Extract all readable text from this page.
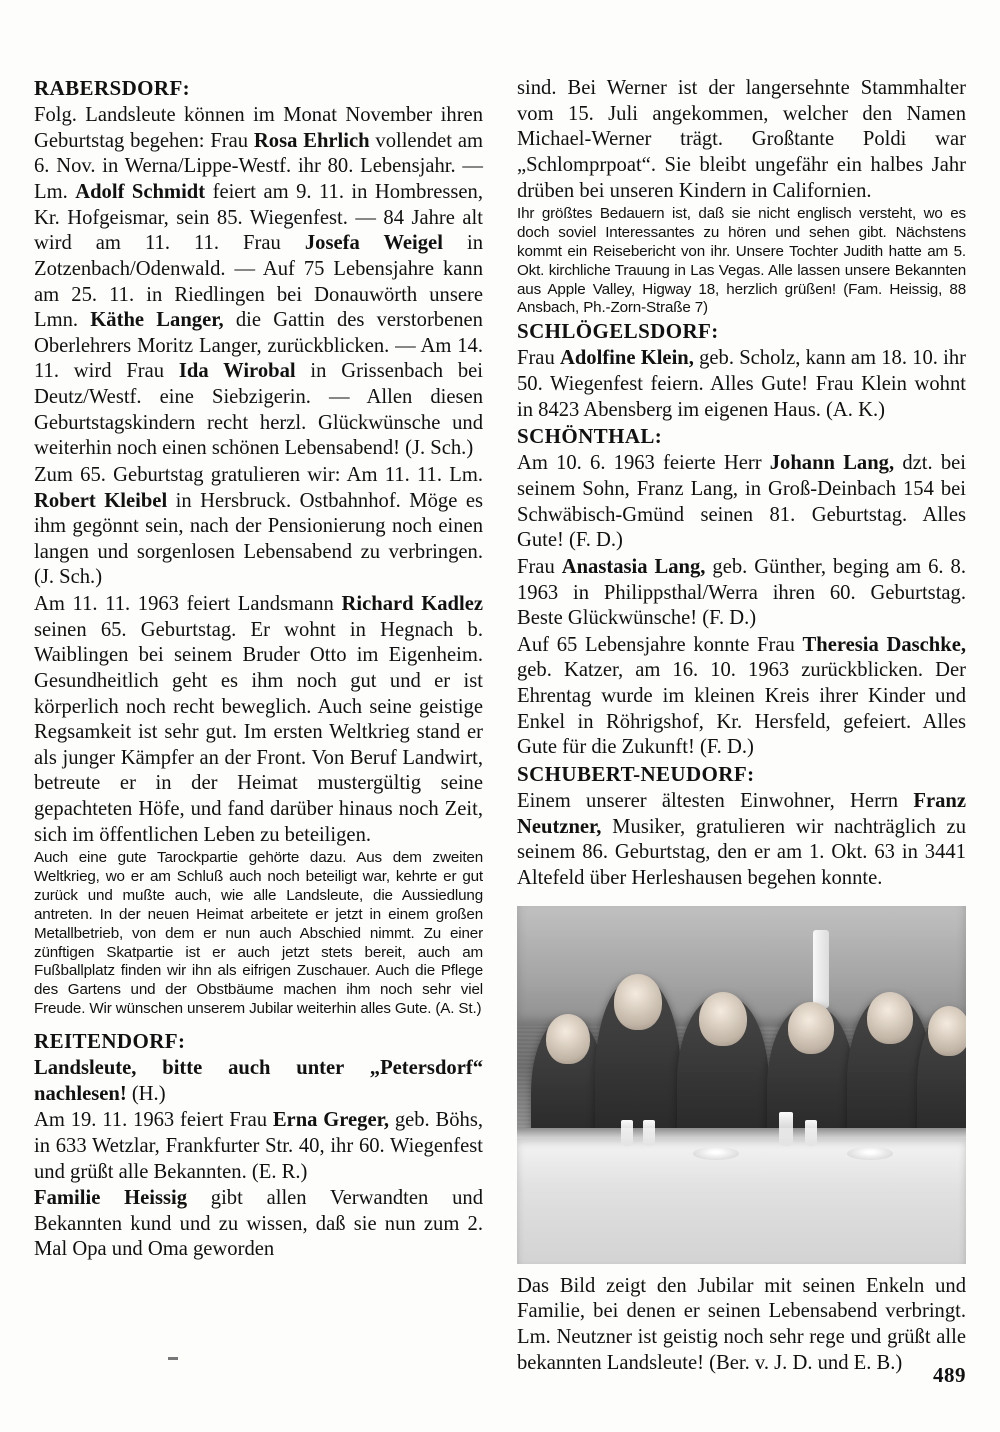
RABERSDORF:

Folg. Landsleute können im Monat November ihren Geburtstag begehen: Frau Rosa Ehrlich vollendet am 6. Nov. in Werna/Lippe-Westf. ihr 80. Lebensjahr. — Lm. Adolf Schmidt feiert am 9. 11. in Hombressen, Kr. Hofgeismar, sein 85. Wiegenfest. — 84 Jahre alt wird am 11. 11. Frau Josefa Weigel in Zotzenbach/Odenwald. — Auf 75 Lebensjahre kann am 25. 11. in Riedlingen bei Donauwörth unsere Lmn. Käthe Langer, die Gattin des verstorbenen Oberlehrers Moritz Langer, zurückblicken. — Am 14. 11. wird Frau Ida Wirobal in Grissenbach bei Deutz/Westf. eine Siebzigerin. — Allen diesen Geburtstagskindern recht herzl. Glückwünsche und weiterhin noch einen schönen Lebensabend! (J. Sch.)

Zum 65. Geburtstag gratulieren wir: Am 11. 11. Lm. Robert Kleibel in Hersbruck. Ostbahnhof. Möge es ihm gegönnt sein, nach der Pensionierung noch einen langen und sorgenlosen Lebensabend zu verbringen. (J. Sch.)

Am 11. 11. 1963 feiert Landsmann Richard Kadlez seinen 65. Geburtstag. Er wohnt in Hegnach b. Waiblingen bei seinem Bruder Otto im Eigenheim. Gesundheitlich geht es ihm noch gut und er ist körperlich noch recht beweglich. Auch seine geistige Regsamkeit ist sehr gut. Im ersten Weltkrieg stand er als junger Kämpfer an der Front. Von Beruf Landwirt, betreute er in der Heimat mustergültig seine gepachteten Höfe, und fand darüber hinaus noch Zeit, sich im öffentlichen Leben zu beteiligen.

Auch eine gute Tarockpartie gehörte dazu. Aus dem zweiten Weltkrieg, wo er am Schluß auch noch beteiligt war, kehrte er gut zurück und mußte auch, wie alle Landsleute, die Aussiedlung antreten. In der neuen Heimat arbeitete er jetzt in einem großen Metallbetrieb, von dem er nun auch Abschied nimmt. Zu einer zünftigen Skatpartie ist er auch jetzt stets bereit, auch am Fußballplatz finden wir ihn als eifrigen Zuschauer. Auch die Pflege des Gartens und der Obstbäume machen ihm noch sehr viel Freude. Wir wünschen unserem Jubilar weiterhin alles Gute. (A. St.)

REITENDORF:

Landsleute, bitte auch unter „Petersdorf“ nachlesen! (H.)

Am 19. 11. 1963 feiert Frau Erna Greger, geb. Böhs, in 633 Wetzlar, Frankfurter Str. 40, ihr 60. Wiegenfest und grüßt alle Bekannten. (E. R.)

Familie Heissig gibt allen Verwandten und Bekannten kund und zu wissen, daß sie nun zum 2. Mal Opa und Oma geworden

sind. Bei Werner ist der langersehnte Stammhalter vom 15. Juli angekommen, welcher den Namen Michael-Werner trägt. Großtante Poldi war „Schlomprpoat“. Sie bleibt ungefähr ein halbes Jahr drüben bei unseren Kindern in Californien.

Ihr größtes Bedauern ist, daß sie nicht englisch versteht, wo es doch soviel Interessantes zu hören und sehen gibt. Nächstens kommt ein Reisebericht von ihr. Unsere Tochter Judith hatte am 5. Okt. kirchliche Trauung in Las Vegas. Alle lassen unsere Bekannten aus Apple Valley, Higway 18, herzlich grüßen! (Fam. Heissig, 88 Ansbach, Ph.-Zorn-Straße 7)

SCHLÖGELSDORF:

Frau Adolfine Klein, geb. Scholz, kann am 18. 10. ihr 50. Wiegenfest feiern. Alles Gute! Frau Klein wohnt in 8423 Abensberg im eigenen Haus. (A. K.)

SCHÖNTHAL:

Am 10. 6. 1963 feierte Herr Johann Lang, dzt. bei seinem Sohn, Franz Lang, in Groß-Deinbach 154 bei Schwäbisch-Gmünd seinen 81. Geburtstag. Alles Gute! (F. D.)

Frau Anastasia Lang, geb. Günther, beging am 6. 8. 1963 in Philippsthal/Werra ihren 60. Geburtstag. Beste Glückwünsche! (F. D.)

Auf 65 Lebensjahre konnte Frau Theresia Daschke, geb. Katzer, am 16. 10. 1963 zurückblicken. Der Ehrentag wurde im kleinen Kreis ihrer Kinder und Enkel in Röhrigshof, Kr. Hersfeld, gefeiert. Alles Gute für die Zukunft! (F. D.)

SCHUBERT-NEUDORF:

Einem unserer ältesten Einwohner, Herrn Franz Neutzner, Musiker, gratulieren wir nachträglich zu seinem 86. Geburtstag, den er am 1. Okt. 63 in 3441 Altefeld über Herleshausen begehen konnte.

Das Bild zeigt den Jubilar mit seinen Enkeln und Familie, bei denen er seinen Lebensabend verbringt. Lm. Neutzner ist geistig noch sehr rege und grüßt alle bekannten Landsleute! (Ber. v. J. D. und E. B.)

489
